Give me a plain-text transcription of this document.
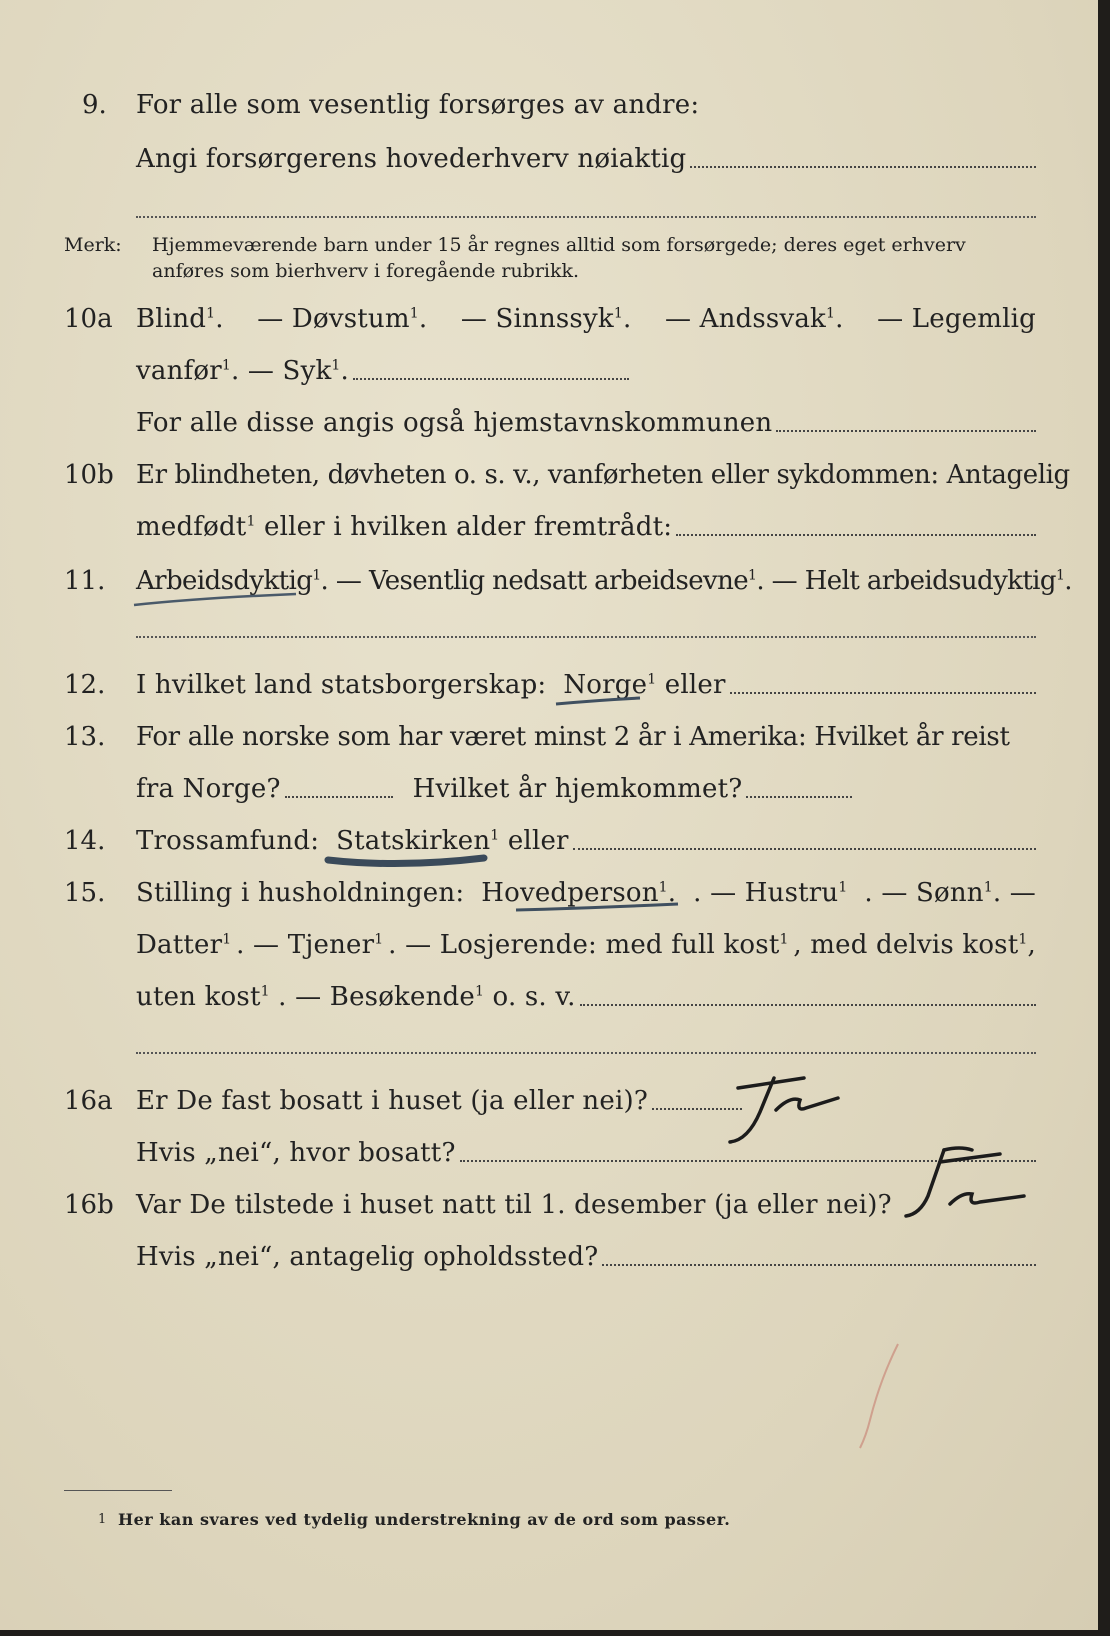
9. For alle som vesentlig forsørges av andre:
Angi forsørgerens hovederhverv nøiaktig
Merk: Hjemmeværende barn under 15 år regnes alltid som forsørgede; deres eget erhverv
anføres som bierhverv i foregående rubrikk.
10a Blind$^1$. — Døvstum$^1$. — Sinnssyk$^1$. — Andssvak$^1$. — Legemlig
vanfør$^1$. — Syk$^1$.
For alle disse angis også hjemstavnskommunen
10b Er blindheten, døvheten o. s. v., vanførheten eller sykdommen: Antagelig
medfødt$^1$ eller i hvilken alder fremtrådt:
11. Arbeidsdyktig$^1$ . — Vesentlig nedsatt arbeidsevne$^1$ . — Helt arbeidsudyktig$^1$.
12. I hvilket land statsborgerskap:
Norge$^1$ eller
13. For alle norske som har været minst 2 år i Amerika: Hvilket år reist
fra Norge?	Hvilket år hjemkommet?
14. Trossamfund:
Statskirken$^1$ eller
15. Stilling i husholdningen: Hovedperson$^1$. . — Hustru$^1$ . — Sønn$^1$. —
Datter$^1$ . — Tjener$^1$ . — Losjerende: med full kost$^1$ , med delvis kost$^1$,
uten kost$^1$ . — Besøkende$^1$ o. s. v.
16a Er De fast bosatt i huset (ja eller nei)?
Hvis „nei“, hvor bosatt?
16b Var De tilstede i huset natt til 1. desember (ja eller nei)?
Hvis „nei“, antagelig opholdssted?
1 Her kan svares ved tydelig understrekning av de ord som passer.
